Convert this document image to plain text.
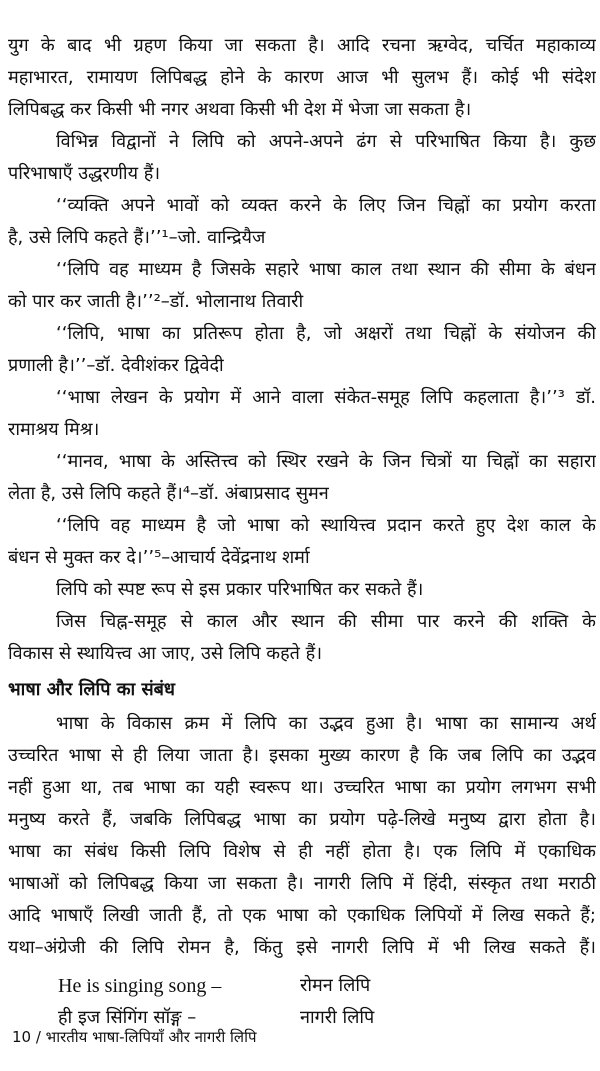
युग के बाद भी ग्रहण किया जा सकता है। आदि रचना ऋग्वेद, चर्चित महाकाव्य
महाभारत, रामायण लिपिबद्ध होने के कारण आज भी सुलभ हैं। कोई भी संदेश
लिपिबद्ध कर किसी भी नगर अथवा किसी भी देश में भेजा जा सकता है।
विभिन्न विद्वानों ने लिपि को अपने-अपने ढंग से परिभाषित किया है। कुछ
परिभाषाएँ उद्धरणीय हैं।
‘‘व्यक्ति अपने भावों को व्यक्त करने के लिए जिन चिह्नों का प्रयोग करता
है, उसे लिपि कहते हैं।’’¹–जो. वान्द्रियैज
‘‘लिपि वह माध्यम है जिसके सहारे भाषा काल तथा स्थान की सीमा के बंधन
को पार कर जाती है।’’²–डॉ. भोलानाथ तिवारी
‘‘लिपि, भाषा का प्रतिरूप होता है, जो अक्षरों तथा चिह्नों के संयोजन की
प्रणाली है।’’–डॉ. देवीशंकर द्विवेदी
‘‘भाषा लेखन के प्रयोग में आने वाला संकेत-समूह लिपि कहलाता है।’’³ डॉ.
रामाश्रय मिश्र।
‘‘मानव, भाषा के अस्तित्त्व को स्थिर रखने के जिन चित्रों या चिह्नों का सहारा
लेता है, उसे लिपि कहते हैं।⁴–डॉ. अंबाप्रसाद सुमन
‘‘लिपि वह माध्यम है जो भाषा को स्थायित्त्व प्रदान करते हुए देश काल के
बंधन से मुक्त कर दे।’’⁵–आचार्य देवेंद्रनाथ शर्मा
लिपि को स्पष्ट रूप से इस प्रकार परिभाषित कर सकते हैं।
जिस चिह्न-समूह से काल और स्थान की सीमा पार करने की शक्ति के
विकास से स्थायित्त्व आ जाए, उसे लिपि कहते हैं।
भाषा और लिपि का संबंध
भाषा के विकास क्रम में लिपि का उद्भव हुआ है। भाषा का सामान्य अर्थ
उच्चरित भाषा से ही लिया जाता है। इसका मुख्य कारण है कि जब लिपि का उद्भव
नहीं हुआ था, तब भाषा का यही स्वरूप था। उच्चरित भाषा का प्रयोग लगभग सभी
मनुष्य करते हैं, जबकि लिपिबद्ध भाषा का प्रयोग पढ़े-लिखे मनुष्य द्वारा होता है।
भाषा का संबंध किसी लिपि विशेष से ही नहीं होता है। एक लिपि में एकाधिक
भाषाओं को लिपिबद्ध किया जा सकता है। नागरी लिपि में हिंदी, संस्कृत तथा मराठी
आदि भाषाएँ लिखी जाती हैं, तो एक भाषा को एकाधिक लिपियों में लिख सकते हैं;
यथा–अंग्रेजी की लिपि रोमन है, किंतु इसे नागरी लिपि में भी लिख सकते हैं।
He is singing song –	रोमन लिपि
ही इज सिंगिंग सॉङ्ग –	नागरी लिपि
10 / भारतीय भाषा-लिपियाँ और नागरी लिपि
